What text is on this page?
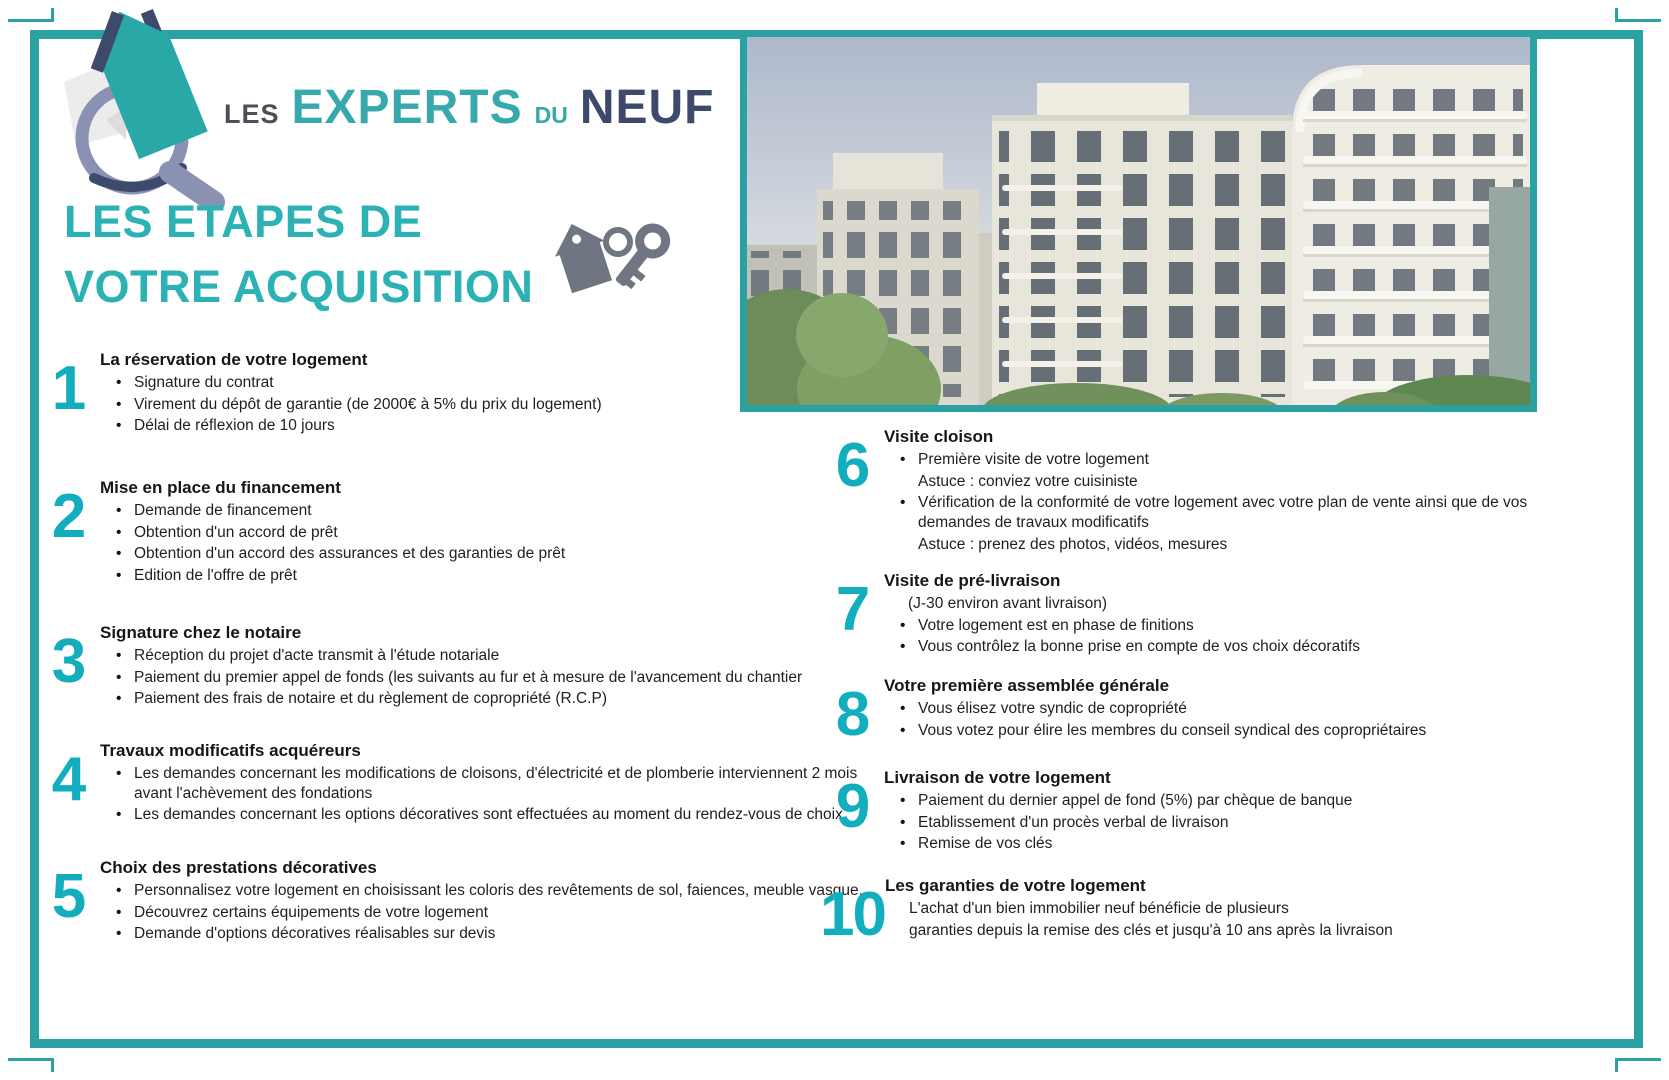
LES EXPERTS DU NEUF
LES ETAPES DE
VOTRE ACQUISITION
1 La réservation de votre logement
• Signature du contrat
• Virement du dépôt de garantie (de 2000€ à 5% du prix du logement)
• Délai de réflexion de 10 jours
2 Mise en place du financement
• Demande de financement
• Obtention d'un accord de prêt
• Obtention d'un accord des assurances et des garanties de prêt
• Edition de l'offre de prêt
3 Signature chez le notaire
• Réception du projet d'acte transmit à l'étude notariale
• Paiement du premier appel de fonds (les suivants au fur et à mesure de l'avancement du chantier
• Paiement des frais de notaire et du règlement de copropriété (R.C.P)
4 Travaux modificatifs acquéreurs
• Les demandes concernant les modifications de cloisons, d'électricité et de plomberie interviennent 2 mois avant l'achèvement des fondations
• Les demandes concernant les options décoratives sont effectuées au moment du rendez-vous de choix
5 Choix des prestations décoratives
• Personnalisez votre logement en choisissant les coloris des revêtements de sol, faiences, meuble vasque...
• Découvrez certains équipements de votre logement
• Demande d'options décoratives réalisables sur devis
6 Visite cloison
• Première visite de votre logement
Astuce : conviez votre cuisiniste
• Vérification de la conformité de votre logement avec votre plan de vente ainsi que de vos demandes de travaux modificatifs
Astuce : prenez des photos, vidéos, mesures
7 Visite de pré-livraison
(J-30 environ avant livraison)
• Votre logement est en phase de finitions
• Vous contrôlez la bonne prise en compte de vos choix décoratifs
8 Votre première assemblée générale
• Vous élisez votre syndic de copropriété
• Vous votez pour élire les membres du conseil syndical des copropriétaires
9 Livraison de votre logement
• Paiement du dernier appel de fond (5%) par chèque de banque
• Etablissement d'un procès verbal de livraison
• Remise de vos clés
10 Les garanties de votre logement
L'achat d'un bien immobilier neuf bénéficie de plusieurs
garanties depuis la remise des clés et jusqu'à 10 ans après la livraison
